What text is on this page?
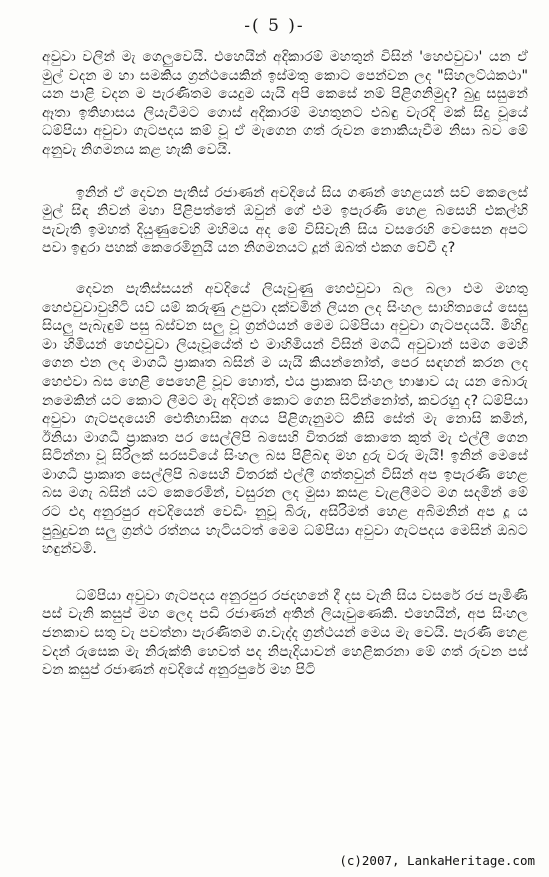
-( 5 )-

අවුවා වලින් මැ ගෙලුවෙයි. එහෙයින් අදිකාරම් මහතුන් විසින් 'හෙළුවුවා' යන ඒ මුල් වදන ම හා සමකිය ග්‍රන්ථයෙකින් ඉස්මතු කොට පෙන්වන ලද "සිහලට්ඨකථා" යන පාළි වදන ම පැරණිතම යෙදුම යැයි අපි කෙසේ නම් පිළිගනිමුද? බුදු සසුනේ ඈතා ඉතිහාසය ලියැවීමට ගොස් අදිකාරම් මහතුනට එබඳු වැරදි මක් සිදු වූයේ ධම්පියා අවුවා ගැටපදය කම් වූ ඒ මැගෙන ගත් රුවන නොකියැවීම නිසා බව මේ අනුවැ නිගමනය කළ හැකි වෙයි.

ඉනින් ඒ දෙවන පැතිස් රජාණන් අවදියේ සිය ගණන් හෙළයන් සව් කෙලෙස් මුල් සිඳ නිවන් මහා පිළිපත්තේ ඔවුන් ගේ එම ඉපැරණි හෙළ බසෙහි එකල්හි පැවැති ඉමහත් දියුණුවෙහි මහිමය අද මේ විසිවැනි සිය වසරෙහි වෙසෙන අපට පවා ඉඳුරා පහක් කෙරෙමිනුයි යන නිගමනයට දූන් ඔබත් එකග වේවී ද?

දෙවන පැතිස්සයන් අවදියේ ලියැවුණු හෙළුවුවා බල බලා එම මහතු හෙළුවුවාවුහිටි යව් යම් කරුණු උපුටා දක්වමින් ලියන ලද සිංහල සාහිත්‍යයේ සෙසු සියලු පැබැඳුම් පසු බස්වන සලු වූ ග්‍රන්ථයන් මෙම ධම්පියා අවුවා ගැටපදයයි. මිහිදු මා හිමියන් හෙළුවුවා ලියැවූයේත් එ මාහිමියන් විසින් මගධී අවුවාන් සමග මෙහි ගෙන එන ලද මාගධී ප්‍රාකෘත බසින් ම යැයි කියන්නෝත්, පෙර සඳහන් කරන ලද හෙළුවා බස හෙළි පෙහෙළි වූව හොත්, එය ප්‍රාකෘත සිංහල භාෂාව යැ යන බොරු නමෙකින් යට කොට ලීමට මැ අදිටන් කොට ගෙන සිටින්නෝත්, කවරහු ද? ධම්පියා අවුවා ගැටපදයෙහි ඓතිහාසික අගය පිළිගැනුමට කිසි සේත් මැ නොසි කමින්, ඊනියා මාගධී ප්‍රාකෘත පර සෙල්ලිපි බසෙහි විතරක් කොතෙ කුත් මැ එල්ලී ගෙන සිටින්නා වූ සිරිලක් සරසවියේ සිංහල බස පිළිබඳ මහ දුරු වරු මැයි! ඉනින් මෙසේ මාගධී ප්‍රාකෘත සෙල්ලිපි බසෙහි විතරක් එල්ලී ගත්තවුන් විසින් අප ඉපැරණි හෙළ බස මගැ බසින් යට කෙරෙමින්, වසුරන ලද මුසා කසළ වැළලීමට මග සදමින් මේ රට එදා අනුරපුර අවදියෙන් වෙඩිං නුවූ බිරු, අසිරිමත් හෙළ අබිමනින් අප දූ ය පුබුදුවන සලු ග්‍රන්ථ රත්නය හැටියටත් මෙම ධම්පියා අවුවා ගැටපදය මෙසින් ඔබට හඳුන්වමි.

ධම්පියා අවුවා ගැටපදය අනුරපුර රජදහනේ දී දස වැනි සිය වසරේ රජ පැමිණි පස් වැනි කසුප් මහ ලෙද පඩි රජාණන් අතින් ලියැවුණෙකි. එහෙයින්, අප සිංහල ජනකාව සතු වැ පවත්නා පැරණිතම ග.වැද්ද ග්‍රන්ථයන් මෙය මැ වෙයි. පැරණි හෙළ වදන් රුසෙක මැ නිරුක්ති හෙවත් පද නිපැදියාවන් හෙළිකරනා මේ ගත් රුවන පස් වන කසුප් රජාණන් අවදියේ අනුරපුරේ මහ පිටි

(c)2007, LankaHeritage.com
